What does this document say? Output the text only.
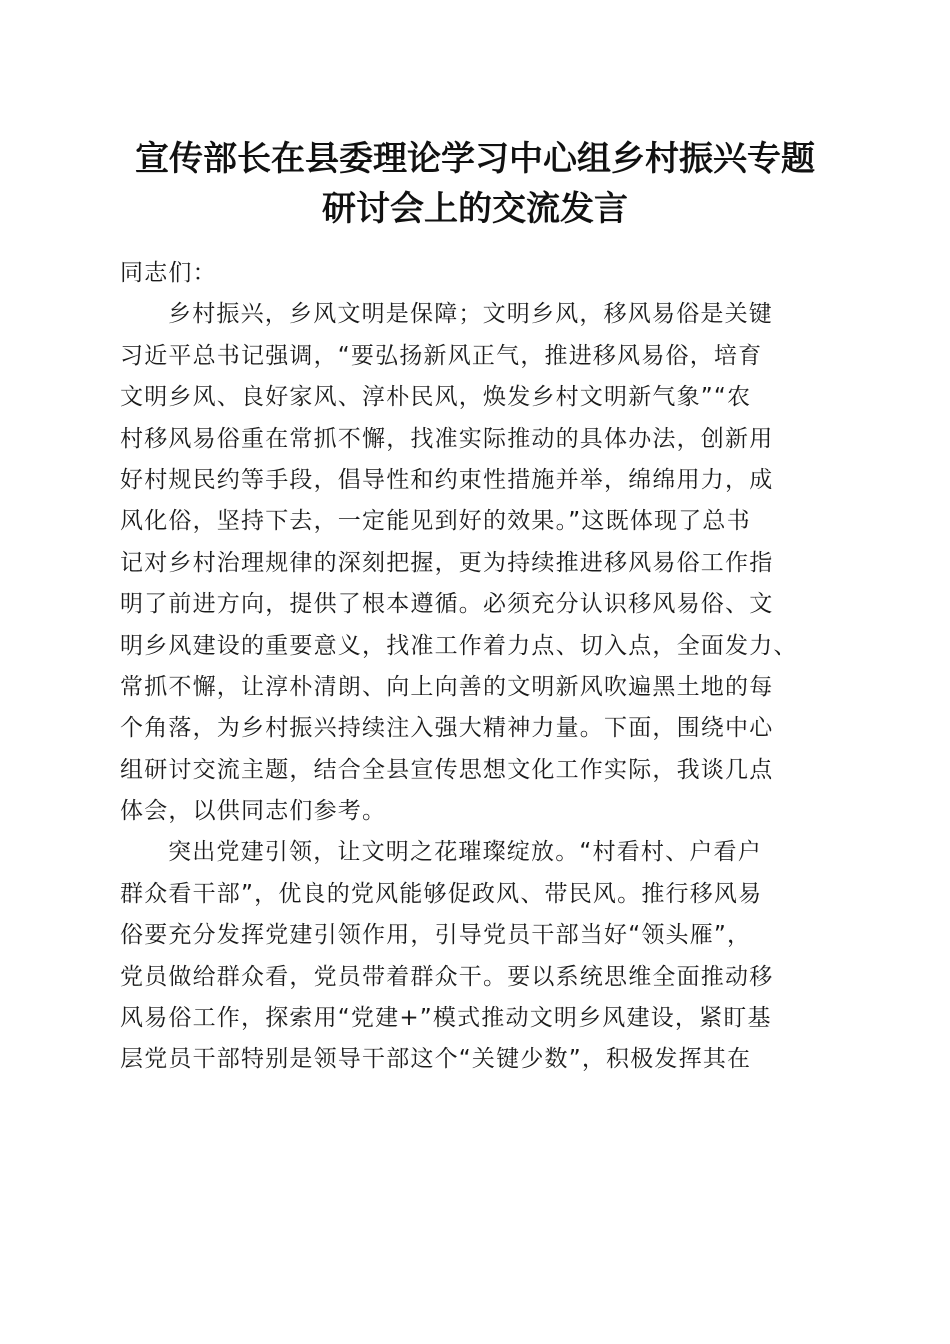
宣传部长在县委理论学习中心组乡村振兴专题
研讨会上的交流发言
同志们：
乡村振兴，乡风文明是保障；文明乡风，移风易俗是关键
习近平总书记强调，“要弘扬新风正气，推进移风易俗，培育
文明乡风、良好家风、淳朴民风，焕发乡村文明新气象”“农
村移风易俗重在常抓不懈，找准实际推动的具体办法，创新用
好村规民约等手段，倡导性和约束性措施并举，绵绵用力，成
风化俗，坚持下去，一定能见到好的效果。”这既体现了总书
记对乡村治理规律的深刻把握，更为持续推进移风易俗工作指
明了前进方向，提供了根本遵循。必须充分认识移风易俗、文
明乡风建设的重要意义，找准工作着力点、切入点，全面发力、
常抓不懈，让淳朴清朗、向上向善的文明新风吹遍黑土地的每
个角落，为乡村振兴持续注入强大精神力量。下面，围绕中心
组研讨交流主题，结合全县宣传思想文化工作实际，我谈几点
体会，以供同志们参考。
突出党建引领，让文明之花璀璨绽放。“村看村、户看户
群众看干部”，优良的党风能够促政风、带民风。推行移风易
俗要充分发挥党建引领作用，引导党员干部当好“领头雁”，
党员做给群众看，党员带着群众干。要以系统思维全面推动移
风易俗工作，探索用“党建+”模式推动文明乡风建设，紧盯基
层党员干部特别是领导干部这个“关键少数”，积极发挥其在
